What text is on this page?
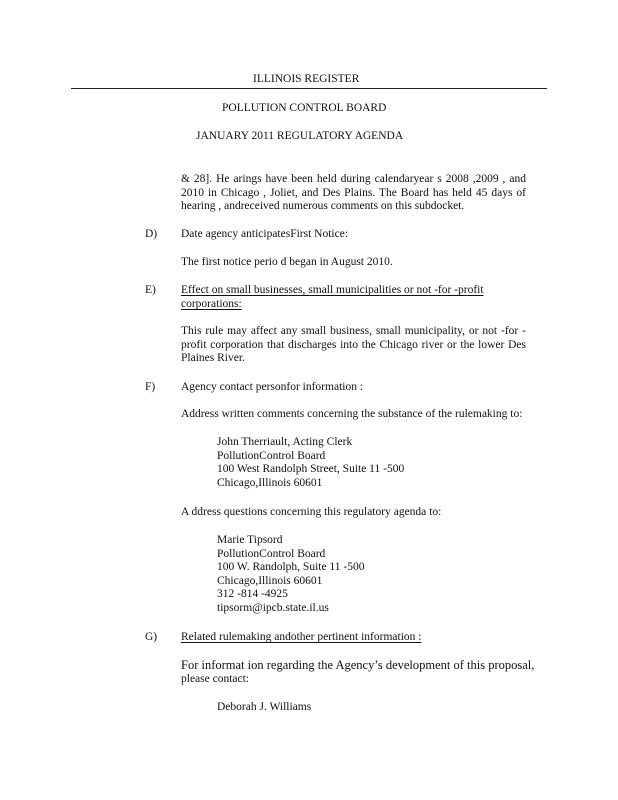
ILLINOIS REGISTER
POLLUTION CONTROL BOARD
JANUARY 2011 REGULATORY AGENDA
& 28]. He arings have been held during calendaryear s 2008 ,2009 , and 2010 in Chicago , Joliet, and Des Plains. The Board has held 45 days of hearing , andreceived numerous comments on this subdocket.
D) Date agency anticipatesFirst Notice:
The first notice perio d began in August 2010.
E) Effect on small businesses, small municipalities or not -for -profit
corporations:
This rule may affect any small business, small municipality, or not -for - profit corporation that discharges into the Chicago river or the lower Des Plaines River.
F) Agency contact personfor information :
Address written comments concerning the substance of the rulemaking to:
John Therriault, Acting Clerk
PollutionControl Board
100 West Randolph Street, Suite 11 -500
Chicago,Illinois 60601
A ddress questions concerning this regulatory agenda to:
Marie Tipsord
PollutionControl Board
100 W. Randolph, Suite 11 -500
Chicago,Illinois 60601
312 -814 -4925
tipsorm@ipcb.state.il.us
G) Related rulemaking andother pertinent information :
For informat ion regarding the Agency’s development of this proposal,
please contact:
Deborah J. Williams
